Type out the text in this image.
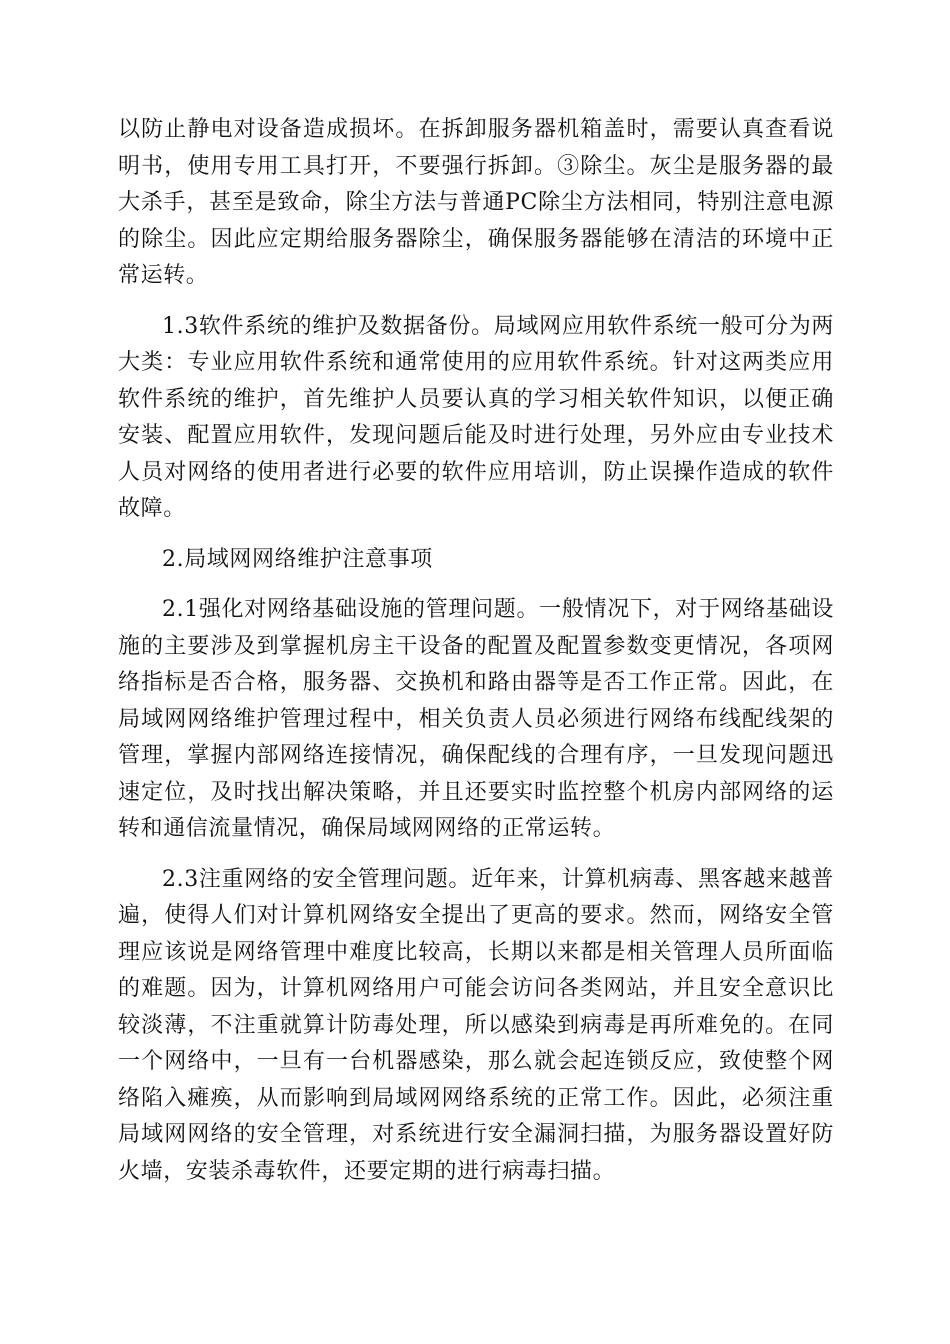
以防止静电对设备造成损坏。在拆卸服务器机箱盖时，需要认真查看说明书，使用专用工具打开，不要强行拆卸。③除尘。灰尘是服务器的最大杀手，甚至是致命，除尘方法与普通PC除尘方法相同，特别注意电源的除尘。因此应定期给服务器除尘，确保服务器能够在清洁的环境中正常运转。

1.3软件系统的维护及数据备份。局域网应用软件系统一般可分为两大类：专业应用软件系统和通常使用的应用软件系统。针对这两类应用软件系统的维护，首先维护人员要认真的学习相关软件知识，以便正确安装、配置应用软件，发现问题后能及时进行处理，另外应由专业技术人员对网络的使用者进行必要的软件应用培训，防止误操作造成的软件故障。

2.局域网网络维护注意事项

2.1强化对网络基础设施的管理问题。一般情况下，对于网络基础设施的主要涉及到掌握机房主干设备的配置及配置参数变更情况，各项网络指标是否合格，服务器、交换机和路由器等是否工作正常。因此，在局域网网络维护管理过程中，相关负责人员必须进行网络布线配线架的管理，掌握内部网络连接情况，确保配线的合理有序，一旦发现问题迅速定位，及时找出解决策略，并且还要实时监控整个机房内部网络的运转和通信流量情况，确保局域网网络的正常运转。

2.3注重网络的安全管理问题。近年来，计算机病毒、黑客越来越普遍，使得人们对计算机网络安全提出了更高的要求。然而，网络安全管理应该说是网络管理中难度比较高，长期以来都是相关管理人员所面临的难题。因为，计算机网络用户可能会访问各类网站，并且安全意识比较淡薄，不注重就算计防毒处理，所以感染到病毒是再所难免的。在同一个网络中，一旦有一台机器感染，那么就会起连锁反应，致使整个网络陷入瘫痪，从而影响到局域网网络系统的正常工作。因此，必须注重局域网网络的安全管理，对系统进行安全漏洞扫描，为服务器设置好防火墙，安装杀毒软件，还要定期的进行病毒扫描。
